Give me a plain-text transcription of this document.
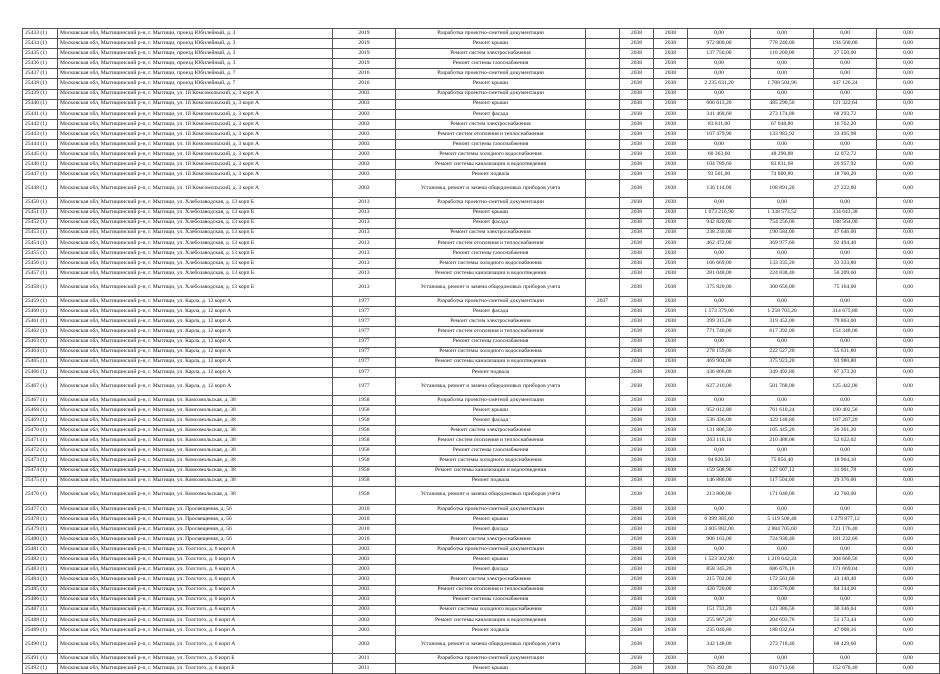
25433 (1)	Московская обл, Мытищинский р-н, г. Мытищи, проезд Юбилейный, д. 3	2019	Разработка проектно-сметной документации		2038	2038	0,00	0,00	0,00	0,00
25434 (1)	Московская обл, Мытищинский р-н, г. Мытищи, проезд Юбилейный, д. 3	2019	Ремонт крыши		2038	2038	972 800,00	778 240,00	194 560,00	0,00
25435 (1)	Московская обл, Мытищинский р-н, г. Мытищи, проезд Юбилейный, д. 3	2019	Ремонт систем электроснабжения		2038	2038	137 750,00	110 200,00	27 550,00	0,00
25436 (1)	Московская обл, Мытищинский р-н, г. Мытищи, проезд Юбилейный, д. 3	2019	Ремонт системы газоснабжения		2038	2038	0,00	0,00	0,00	0,00
25437 (1)	Московская обл, Мытищинский р-н, г. Мытищи, проезд Юбилейный, д. 7	2016	Разработка проектно-сметной документации		2038	2038	0,00	0,00	0,00	0,00
25438 (1)	Московская обл, Мытищинский р-н, г. Мытищи, проезд Юбилейный, д. 7	2016	Ремонт крыши		2038	2038	2 235 631,20	1 788 504,96	447 126,24	0,00
25439 (1)	Московская обл, Мытищинский р-н, г. Мытищи, ул. 1й Комсомольский, д. 3 корп А	2003	Разработка проектно-сметной документации		2038	2038	0,00	0,00	0,00	0,00
25440 (1)	Московская обл, Мытищинский р-н, г. Мытищи, ул. 1й Комсомольский, д. 3 корп А	2003	Ремонт крыши		2038	2038	606 613,20	485 290,56	121 322,64	0,00
25441 (1)	Московская обл, Мытищинский р-н, г. Мытищи, ул. 1й Комсомольский, д. 3 корп А	2003	Ремонт фасада		2038	2038	341 468,60	273 174,88	68 293,72	0,00
25442 (1)	Московская обл, Мытищинский р-н, г. Мытищи, ул. 1й Комсомольский, д. 3 корп А	2003	Ремонт систем электроснабжения		2038	2038	83 811,00	67 048,80	16 762,20	0,00
25443 (1)	Московская обл, Мытищинский р-н, г. Мытищи, ул. 1й Комсомольский, д. 3 корп А	2003	Ремонт систем отопления и теплоснабжения		2038	2038	167 479,90	133 983,92	33 495,98	0,00
25444 (1)	Московская обл, Мытищинский р-н, г. Мытищи, ул. 1й Комсомольский, д. 3 корп А	2003	Ремонт системы газоснабжения		2038	2038	0,00	0,00	0,00	0,00
25445 (1)	Московская обл, Мытищинский р-н, г. Мытищи, ул. 1й Комсомольский, д. 3 корп А	2003	Ремонт системы холодного водоснабжения		2038	2038	60 363,60	48 290,88	12 072,72	0,00
25446 (1)	Московская обл, Мытищинский р-н, г. Мытищи, ул. 1й Комсомольский, д. 3 корп А	2003	Ремонт системы канализации и водоотведения		2038	2038	104 789,60	83 831,68	20 957,92	0,00
25447 (1)	Московская обл, Мытищинский р-н, г. Мытищи, ул. 1й Комсомольский, д. 3 корп А	2003	Ремонт подвала		2038	2038	93 501,00	74 800,80	18 700,20	0,00
25448 (1)	Московская обл, Мытищинский р-н, г. Мытищи, ул. 1й Комсомольский, д. 3 корп А	2003	Установка, ремонт и замена общедомовых приборов учета		2038	2038	136 114,00	108 891,20	27 222,80	0,00
25450 (1)	Московская обл, Мытищинский р-н, г. Мытищи, ул. Хлебозаводская, д. 13 корп Б	2013	Разработка проектно-сметной документации		2038	2038	0,00	0,00	0,00	0,00
25451 (1)	Московская обл, Мытищинский р-н, г. Мытищи, ул. Хлебозаводская, д. 13 корп Б	2013	Ремонт крыши		2038	2038	1 673 216,90	1 338 573,52	334 643,38	0,00
25452 (1)	Московская обл, Мытищинский р-н, г. Мытищи, ул. Хлебозаводская, д. 13 корп Б	2013	Ремонт фасада		2038	2038	942 820,00	754 256,00	188 564,00	0,00
25453 (1)	Московская обл, Мытищинский р-н, г. Мытищи, ул. Хлебозаводская, д. 13 корп Б	2013	Ремонт систем электроснабжения		2038	2038	238 230,00	190 584,00	47 646,00	0,00
25454 (1)	Московская обл, Мытищинский р-н, г. Мытищи, ул. Хлебозаводская, д. 13 корп Б	2013	Ремонт систем отопления и теплоснабжения		2038	2038	462 472,00	369 977,60	92 494,40	0,00
25455 (1)	Московская обл, Мытищинский р-н, г. Мытищи, ул. Хлебозаводская, д. 13 корп Б	2013	Ремонт системы газоснабжения		2038	2038	0,00	0,00	0,00	0,00
25456 (1)	Московская обл, Мытищинский р-н, г. Мытищи, ул. Хлебозаводская, д. 13 корп Б	2013	Ремонт системы холодного водоснабжения		2038	2038	166 669,00	133 335,20	33 333,80	0,00
25457 (1)	Московская обл, Мытищинский р-н, г. Мытищи, ул. Хлебозаводская, д. 13 корп Б	2013	Ремонт системы канализации и водоотведения		2038	2038	281 048,00	224 838,40	56 209,60	0,00
25458 (1)	Московская обл, Мытищинский р-н, г. Мытищи, ул. Хлебозаводская, д. 13 корп Б	2013	Установка, ремонт и замена общедомовых приборов учета		2038	2038	375 820,00	300 656,00	75 164,00	0,00
25459 (1)	Московская обл, Мытищинский р-н, г. Мытищи, ул. Карла, д. 12 корп А	1977	Разработка проектно-сметной документации	2037	2038	2038	0,00	0,00	0,00	0,00
25460 (1)	Московская обл, Мытищинский р-н, г. Мытищи, ул. Карла, д. 12 корп А	1977	Ремонт фасада		2038	2038	1 573 379,00	1 258 703,20	314 675,80	0,00
25461 (1)	Московская обл, Мытищинский р-н, г. Мытищи, ул. Карла, д. 12 корп А	1977	Ремонт систем электроснабжения		2038	2038	399 315,00	319 452,00	79 863,00	0,00
25462 (1)	Московская обл, Мытищинский р-н, г. Мытищи, ул. Карла, д. 12 корп А	1977	Ремонт систем отопления и теплоснабжения		2038	2038	771 740,00	617 392,00	154 348,00	0,00
25463 (1)	Московская обл, Мытищинский р-н, г. Мытищи, ул. Карла, д. 12 корп А	1977	Ремонт системы газоснабжения		2038	2038	0,00	0,00	0,00	0,00
25464 (1)	Московская обл, Мытищинский р-н, г. Мытищи, ул. Карла, д. 12 корп А	1977	Ремонт системы холодного водоснабжения		2038	2038	278 159,00	222 527,20	55 631,80	0,00
25465 (1)	Московская обл, Мытищинский р-н, г. Мытищи, ул. Карла, д. 12 корп А	1977	Ремонт системы канализации и водоотведения		2038	2038	469 904,00	375 923,20	93 980,80	0,00
25466 (1)	Московская обл, Мытищинский р-н, г. Мытищи, ул. Карла, д. 12 корп А	1977	Ремонт подвала		2038	2038	436 866,00	349 492,80	87 373,20	0,00
25467 (1)	Московская обл, Мытищинский р-н, г. Мытищи, ул. Карла, д. 12 корп А	1977	Установка, ремонт и замена общедомовых приборов учета		2038	2038	627 210,00	501 768,00	125 442,00	0,00
25467 (1)	Московская обл, Мытищинский р-н, г. Мытищи, ул. Комсомольская, д. 38	1958	Разработка проектно-сметной документации		2038	2038	0,00	0,00	0,00	0,00
25468 (1)	Московская обл, Мытищинский р-н, г. Мытищи, ул. Комсомольская, д. 38	1958	Ремонт крыши		2038	2038	952 012,80	761 610,24	190 402,56	0,00
25469 (1)	Московская обл, Мытищинский р-н, г. Мытищи, ул. Комсомольская, д. 38	1958	Ремонт фасада		2038	2038	536 436,00	429 148,80	107 287,20	0,00
25470 (1)	Московская обл, Мытищинский р-н, г. Мытищи, ул. Комсомольская, д. 38	1958	Ремонт систем электроснабжения		2038	2038	131 806,50	105 445,20	26 361,30	0,00
25471 (1)	Московская обл, Мытищинский р-н, г. Мытищи, ул. Комсомольская, д. 38	1958	Ремонт систем отопления и теплоснабжения		2038	2038	263 110,10	210 488,08	52 622,02	0,00
25472 (1)	Московская обл, Мытищинский р-н, г. Мытищи, ул. Комсомольская, д. 38	1958	Ремонт системы газоснабжения		2038	2038	0,00	0,00	0,00	0,00
25473 (1)	Московская обл, Мытищинский р-н, г. Мытищи, ул. Комсомольская, д. 38	1958	Ремонт системы холодного водоснабжения		2038	2038	94 820,50	75 856,40	18 964,10	0,00
25474 (1)	Московская обл, Мытищинский р-н, г. Мытищи, ул. Комсомольская, д. 38	1958	Ремонт системы канализации и водоотведения		2038	2038	159 508,90	127 607,12	31 901,78	0,00
25475 (1)	Московская обл, Мытищинский р-н, г. Мытищи, ул. Комсомольская, д. 38	1958	Ремонт подвала		2038	2038	146 880,00	117 504,00	29 376,00	0,00
25476 (1)	Московская обл, Мытищинский р-н, г. Мытищи, ул. Комсомольская, д. 38	1958	Установка, ремонт и замена общедомовых приборов учета		2038	2038	213 800,00	171 040,00	42 760,00	0,00
25477 (1)	Московская обл, Мытищинский р-н, г. Мытищи, ул. Просвещения, д. 56	2010	Разработка проектно-сметной документации		2038	2038	0,00	0,00	0,00	0,00
25478 (1)	Московская обл, Мытищинский р-н, г. Мытищи, ул. Просвещения, д. 56	2010	Ремонт крыши		2038	2038	6 399 385,60	5 119 508,48	1 279 877,12	0,00
25479 (1)	Московская обл, Мытищинский р-н, г. Мытищи, ул. Просвещения, д. 56	2010	Ремонт фасада		2038	2038	3 605 882,00	2 884 705,60	721 176,40	0,00
25480 (1)	Московская обл, Мытищинский р-н, г. Мытищи, ул. Просвещения, д. 56	2010	Ремонт систем электроснабжения		2038	2038	906 163,00	724 930,40	181 232,60	0,00
25481 (1)	Московская обл, Мытищинский р-н, г. Мытищи, ул. Толстого, д. 6 корп А	2003	Разработка проектно-сметной документации		2038	2038	0,00	0,00	0,00	0,00
25482 (1)	Московская обл, Мытищинский р-н, г. Мытищи, ул. Толстого, д. 6 корп А	2003	Ремонт крыши		2038	2038	1 523 302,80	1 218 642,24	304 660,56	0,00
25483 (1)	Московская обл, Мытищинский р-н, г. Мытищи, ул. Толстого, д. 6 корп А	2003	Ремонт фасада		2038	2038	858 345,20	686 676,16	171 669,04	0,00
25484 (1)	Московская обл, Мытищинский р-н, г. Мытищи, ул. Толстого, д. 6 корп А	2003	Ремонт систем электроснабжения		2038	2038	215 702,00	172 561,60	43 140,40	0,00
25485 (1)	Московская обл, Мытищинский р-н, г. Мытищи, ул. Толстого, д. 6 корп А	2003	Ремонт систем отопления и теплоснабжения		2038	2038	420 720,00	336 576,00	84 144,00	0,00
25486 (1)	Московская обл, Мытищинский р-н, г. Мытищи, ул. Толстого, д. 6 корп А	2003	Ремонт системы газоснабжения		2038	2038	0,00	0,00	0,00	0,00
25487 (1)	Московская обл, Мытищинский р-н, г. Мытищи, ул. Толстого, д. 6 корп А	2003	Ремонт системы холодного водоснабжения		2038	2038	151 733,20	121 386,56	30 346,64	0,00
25488 (1)	Московская обл, Мытищинский р-н, г. Мытищи, ул. Толстого, д. 6 корп А	2003	Ремонт системы канализации и водоотведения		2038	2038	255 867,20	204 693,76	51 173,44	0,00
25489 (1)	Московская обл, Мытищинский р-н, г. Мытищи, ул. Толстого, д. 6 корп А	2003	Ремонт подвала		2038	2038	235 040,80	188 032,64	47 008,16	0,00
25490 (1)	Московская обл, Мытищинский р-н, г. Мытищи, ул. Толстого, д. 6 корп А	2003	Установка, ремонт и замена общедомовых приборов учета		2038	2038	342 148,00	273 718,40	68 429,60	0,00
25491 (1)	Московская обл, Мытищинский р-н, г. Мытищи, ул. Толстого, д. 6 корп Б	2011	Разработка проектно-сметной документации		2038	2038	0,00	0,00	0,00	0,00
25492 (1)	Московская обл, Мытищинский р-н, г. Мытищи, ул. Толстого, д. 6 корп Б	2011	Ремонт крыши		2038	2038	763 392,00	610 713,60	152 678,40	0,00
